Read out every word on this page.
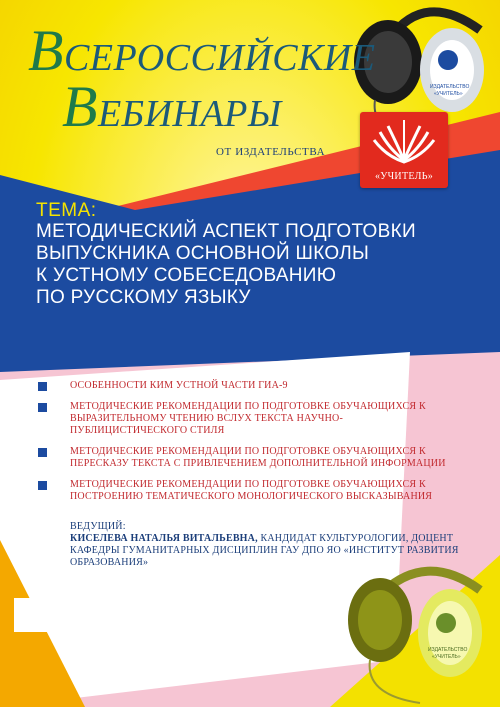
ИЗДАТЕЛЬСТВО
«УЧИТЕЛЬ»
ИЗДАТЕЛЬСТВО
«УЧИТЕЛЬ»
ВСЕРОССИЙСКИЕ
ВЕБИНАРЫ
ОТ ИЗДАТЕЛЬСТВА
«УЧИТЕЛЬ»
ТЕМА:
МЕТОДИЧЕСКИЙ АСПЕКТ ПОДГОТОВКИ
ВЫПУСКНИКА ОСНОВНОЙ ШКОЛЫ
К УСТНОМУ СОБЕСЕДОВАНИЮ
ПО РУССКОМУ ЯЗЫКУ
ОСОБЕННОСТИ КИМ УСТНОЙ ЧАСТИ ГИА-9
МЕТОДИЧЕСКИЕ РЕКОМЕНДАЦИИ ПО ПОДГОТОВКЕ ОБУЧАЮЩИХСЯ К ВЫРАЗИТЕЛЬНОМУ ЧТЕНИЮ ВСЛУХ ТЕКСТА НАУЧНО-ПУБЛИЦИСТИЧЕСКОГО СТИЛЯ
МЕТОДИЧЕСКИЕ РЕКОМЕНДАЦИИ ПО ПОДГОТОВКЕ ОБУЧАЮЩИХСЯ К ПЕРЕСКАЗУ ТЕКСТА С ПРИВЛЕЧЕНИЕМ ДОПОЛНИТЕЛЬНОЙ ИНФОРМАЦИИ
МЕТОДИЧЕСКИЕ РЕКОМЕНДАЦИИ ПО ПОДГОТОВКЕ ОБУЧАЮЩИХСЯ К ПОСТРОЕНИЮ ТЕМАТИЧЕСКОГО МОНОЛОГИЧЕСКОГО ВЫСКАЗЫВАНИЯ
ВЕДУЩИЙ:
КИСЕЛЕВА НАТАЛЬЯ ВИТАЛЬЕВНА, КАНДИДАТ КУЛЬТУРОЛОГИИ, ДОЦЕНТ КАФЕДРЫ ГУМАНИТАРНЫХ ДИСЦИПЛИН ГАУ ДПО ЯО «ИНСТИТУТ РАЗВИТИЯ ОБРАЗОВАНИЯ»
